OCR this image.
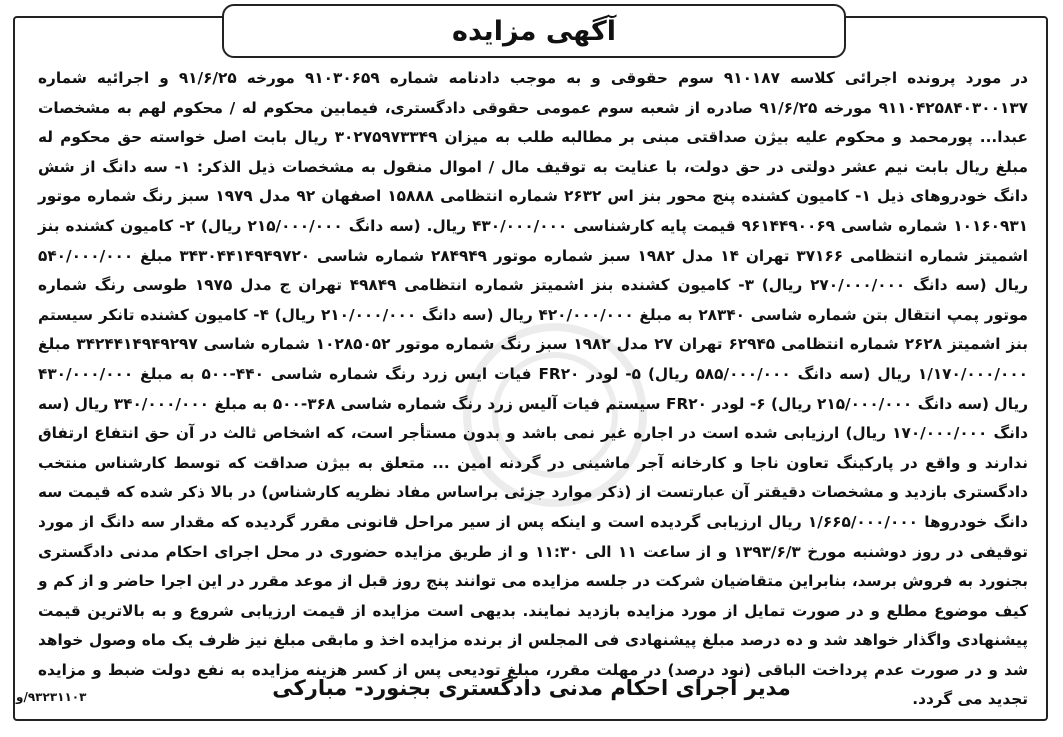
آگهی مزایده

در مورد پرونده اجرائی کلاسه ۹۱۰۱۸۷ سوم حقوقی و به موجب دادنامه شماره ۹۱۰۳۰۶۵۹ مورخه ۹۱/۶/۲۵ و اجرائیه شماره ۹۱۱۰۴۲۵۸۴۰۳۰۰۱۳۷ مورخه ۹۱/۶/۲۵ صادره از شعبه سوم عمومی حقوقی دادگستری، فیمابین محکوم له / محکوم لهم به مشخصات عبدا... پورمحمد و محکوم علیه بیژن صداقتی مبنی بر مطالبه طلب به میزان ۳۰۲۷۵۹۷۳۳۴۹ ریال بابت اصل خواسته حق محکوم له مبلغ ریال بابت نیم عشر دولتی در حق دولت، با عنایت به توقیف مال / اموال منقول به مشخصات ذیل الذکر: ۱- سه دانگ از شش دانگ خودروهای ذیل ۱- کامیون کشنده پنج محور بنز اس ۲۶۳۲ شماره انتظامی ۱۵۸۸۸ اصفهان ۹۲ مدل ۱۹۷۹ سبز رنگ شماره موتور ۱۰۱۶۰۹۳۱ شماره شاسی ۹۶۱۴۴۹۰۰۶۹ قیمت پایه کارشناسی ۴۳۰/۰۰۰/۰۰۰ ریال. (سه دانگ ۲۱۵/۰۰۰/۰۰۰ ریال) ۲- کامیون کشنده بنز اشمیتز شماره انتظامی ۳۷۱۶۶ تهران ۱۴ مدل ۱۹۸۲ سبز شماره موتور ۲۸۴۹۴۹ شماره شاسی ۳۴۳۰۴۴۱۴۹۴۹۷۲۰ مبلغ ۵۴۰/۰۰۰/۰۰۰ ریال (سه دانگ ۲۷۰/۰۰۰/۰۰۰ ریال) ۳- کامیون کشنده بنز اشمیتز شماره انتظامی ۴۹۸۴۹ تهران ج مدل ۱۹۷۵ طوسی رنگ شماره موتور پمپ انتقال بتن شماره شاسی ۲۸۳۴۰ به مبلغ ۴۲۰/۰۰۰/۰۰۰ ریال (سه دانگ ۲۱۰/۰۰۰/۰۰۰ ریال) ۴- کامیون کشنده تانکر سیستم بنز اشمیتز ۲۶۲۸ شماره انتظامی ۶۲۹۴۵ تهران ۲۷ مدل ۱۹۸۲ سبز رنگ شماره موتور ۱۰۲۸۵۰۵۲ شماره شاسی ۳۴۲۴۴۱۴۹۴۹۲۹۷ مبلغ ۱/۱۷۰/۰۰۰/۰۰۰ ریال (سه دانگ ۵۸۵/۰۰۰/۰۰۰ ریال) ۵- لودر FR۲۰ فیات ایس زرد رنگ شماره شاسی ۴۴۰-۵۰۰ به مبلغ ۴۳۰/۰۰۰/۰۰۰ ریال (سه دانگ ۲۱۵/۰۰۰/۰۰۰ ریال) ۶- لودر FR۲۰ سیستم فیات آلیس زرد رنگ شماره شاسی ۳۶۸-۵۰۰ به مبلغ ۳۴۰/۰۰۰/۰۰۰ ریال (سه دانگ ۱۷۰/۰۰۰/۰۰۰ ریال) ارزیابی شده است در اجاره غیر نمی باشد و بدون مستأجر است، که اشخاص ثالث در آن حق انتفاع ارتفاق ندارند و واقع در پارکینگ تعاون ناجا و کارخانه آجر ماشینی در گردنه امین ... متعلق به بیژن صداقت که توسط کارشناس منتخب دادگستری بازدید و مشخصات دقیقتر آن عبارتست از (ذکر موارد جزئی براساس مفاد نظریه کارشناس) در بالا ذکر شده که قیمت سه دانگ خودروها ۱/۶۶۵/۰۰۰/۰۰۰ ریال ارزیابی گردیده است و اینکه پس از سیر مراحل قانونی مقرر گردیده که مقدار سه دانگ از مورد توقیفی در روز دوشنبه مورخ ۱۳۹۳/۶/۳ و از ساعت ۱۱ الی ۱۱:۳۰ و از طریق مزایده حضوری در محل اجرای احکام مدنی دادگستری بجنورد به فروش برسد، بنابراین متقاضیان شرکت در جلسه مزایده می توانند پنج روز قبل از موعد مقرر در این اجرا حاضر و از کم و کیف موضوع مطلع و در صورت تمایل از مورد مزایده بازدید نمایند. بدیهی است مزایده از قیمت ارزیابی شروع و به بالاترین قیمت پیشنهادی واگذار خواهد شد و ده درصد مبلغ پیشنهادی فی المجلس از برنده مزایده اخذ و مابقی مبلغ نیز ظرف یک ماه وصول خواهد شد و در صورت عدم پرداخت الباقی (نود درصد) در مهلت مقرر، مبلغ تودیعی پس از کسر هزینه مزایده به نفع دولت ضبط و مزایده تجدید می گردد.

مدیر اجرای احکام مدنی دادگستری بجنورد- مبارکی
۹۳۲۳۱۱۰۳/و
